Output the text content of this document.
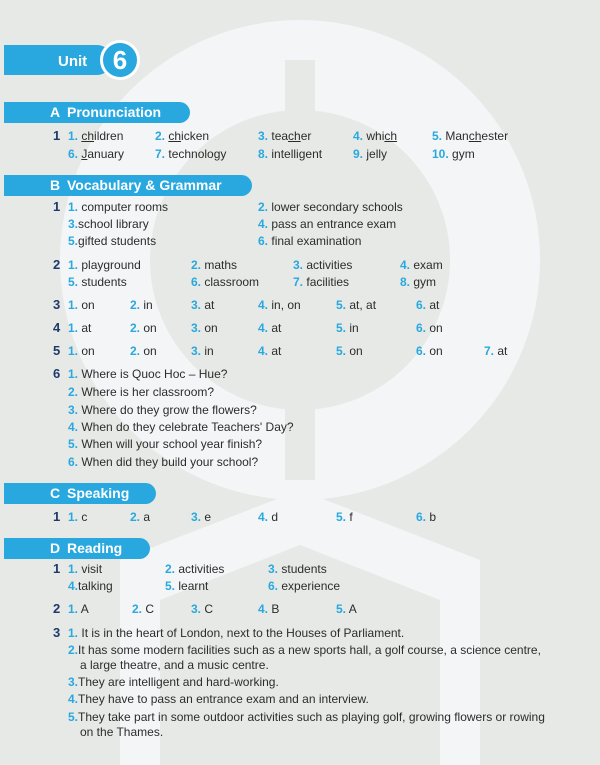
Unit 6
A Pronunciation
1 1. children	2. chicken	3. teacher	4. which	5. Manchester
6. January	7. technology	8. intelligent	9. jelly	10. gym
B Vocabulary & Grammar
1 1. computer rooms	2. lower secondary schools
3.school library	4. pass an entrance exam
5.gifted students	6. final examination
2 1. playground	2. maths	3. activities	4. exam
5. students	6. classroom	7. facilities	8. gym
3 1. on	2. in	3. at	4. in, on	5. at, at	6. at
4 1. at	2. on	3. on	4. at	5. in	6. on
5 1. on	2. on	3. in	4. at	5. on	6. on	7. at
6 1. Where is Quoc Hoc – Hue?
2. Where is her classroom?
3. Where do they grow the flowers?
4. When do they celebrate Teachers' Day?
5. When will your school year finish?
6. When did they build your school?
C Speaking
1 1. c	2. a	3. e	4. d	5. f	6. b
D Reading
1 1. visit	2. activities	3. students
4.talking	5. learnt	6. experience
2 1. A	2. C	3. C	4. B	5. A
3 1. It is in the heart of London, next to the Houses of Parliament.
2.It has some modern facilities such as a new sports hall, a golf course, a science centre, a large theatre, and a music centre.
3.They are intelligent and hard-working.
4.They have to pass an entrance exam and an interview.
5.They take part in some outdoor activities such as playing golf, growing flowers or rowing on the Thames.
